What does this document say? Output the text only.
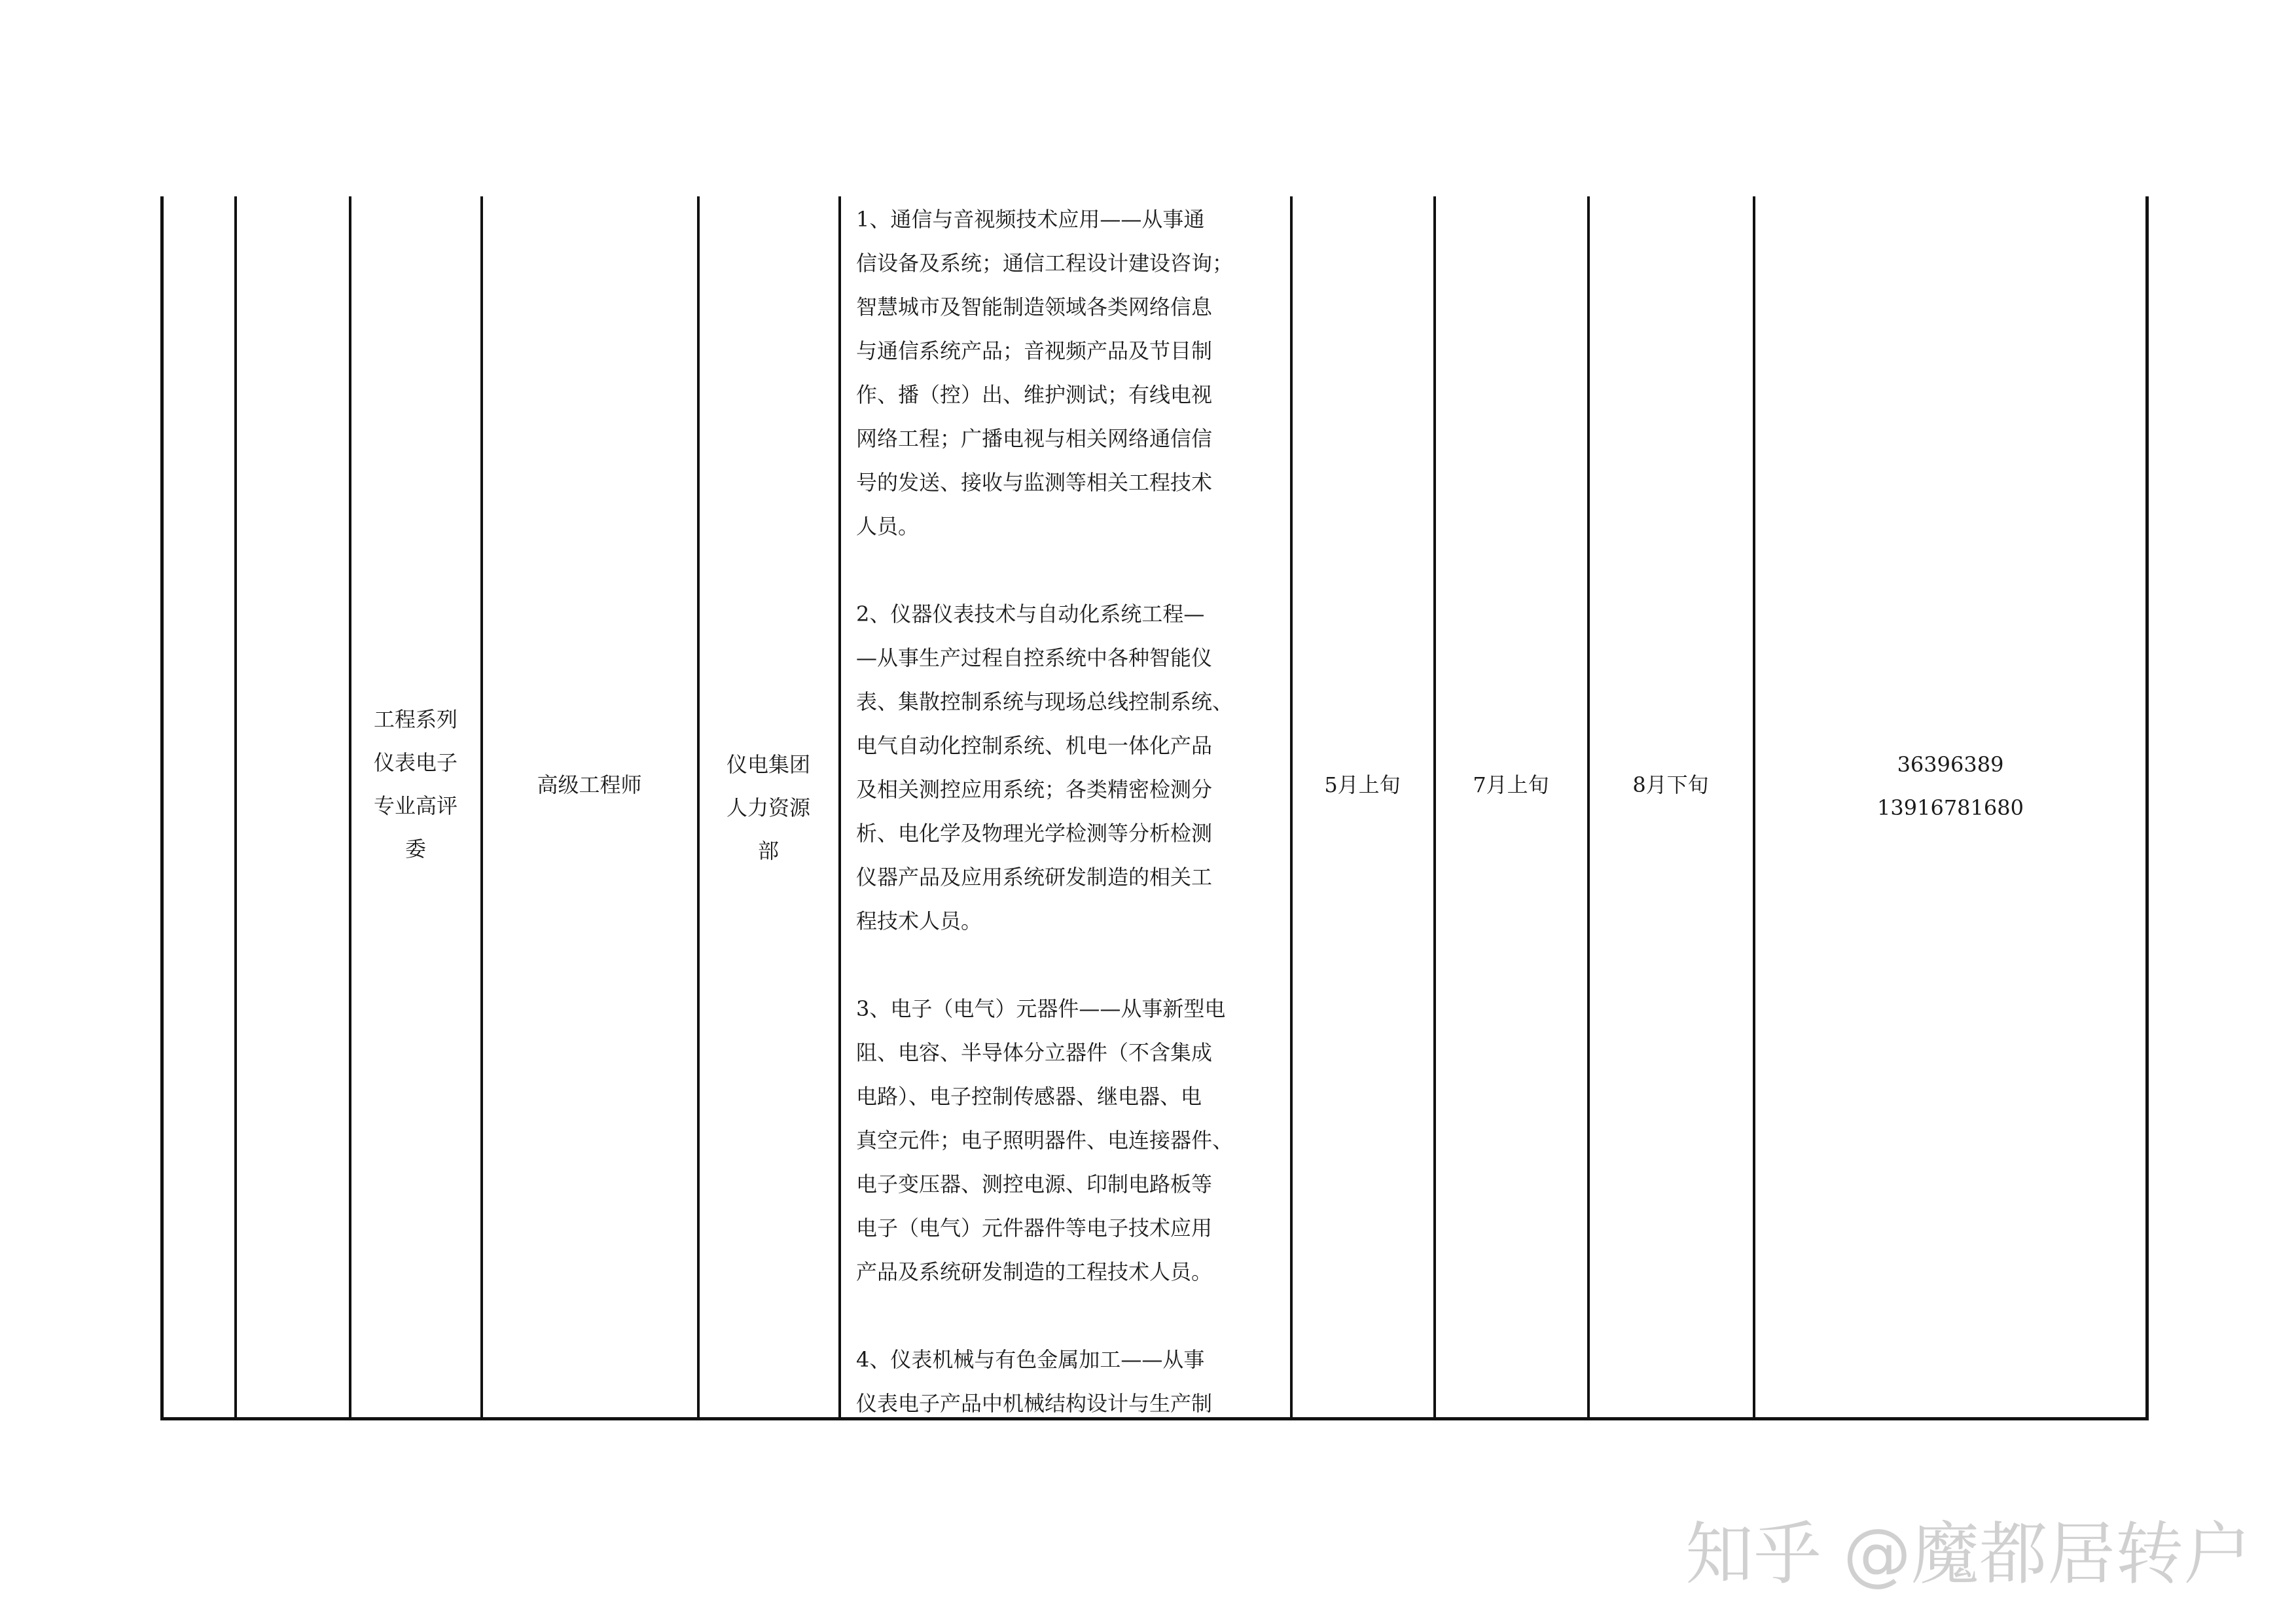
工程系列
仪表电子
专业高评
委
高级工程师
仪电集团
人力资源
部
1、通信与音视频技术应用——从事通
信设备及系统；通信工程设计建设咨询；
智慧城市及智能制造领域各类网络信息
与通信系统产品；音视频产品及节目制
作、播（控）出、维护测试；有线电视
网络工程；广播电视与相关网络通信信
号的发送、接收与监测等相关工程技术
人员。
2、仪器仪表技术与自动化系统工程—
—从事生产过程自控系统中各种智能仪
表、集散控制系统与现场总线控制系统、
电气自动化控制系统、机电一体化产品
及相关测控应用系统；各类精密检测分
析、电化学及物理光学检测等分析检测
仪器产品及应用系统研发制造的相关工
程技术人员。
3、电子（电气）元器件——从事新型电
阻、电容、半导体分立器件（不含集成
电路）、电子控制传感器、继电器、电
真空元件；电子照明器件、电连接器件、
电子变压器、测控电源、印制电路板等
电子（电气）元件器件等电子技术应用
产品及系统研发制造的工程技术人员。
4、仪表机械与有色金属加工——从事
仪表电子产品中机械结构设计与生产制
5月上旬	7月上旬	8月下旬
36396389
13916781680
知乎 @魔都居转户
